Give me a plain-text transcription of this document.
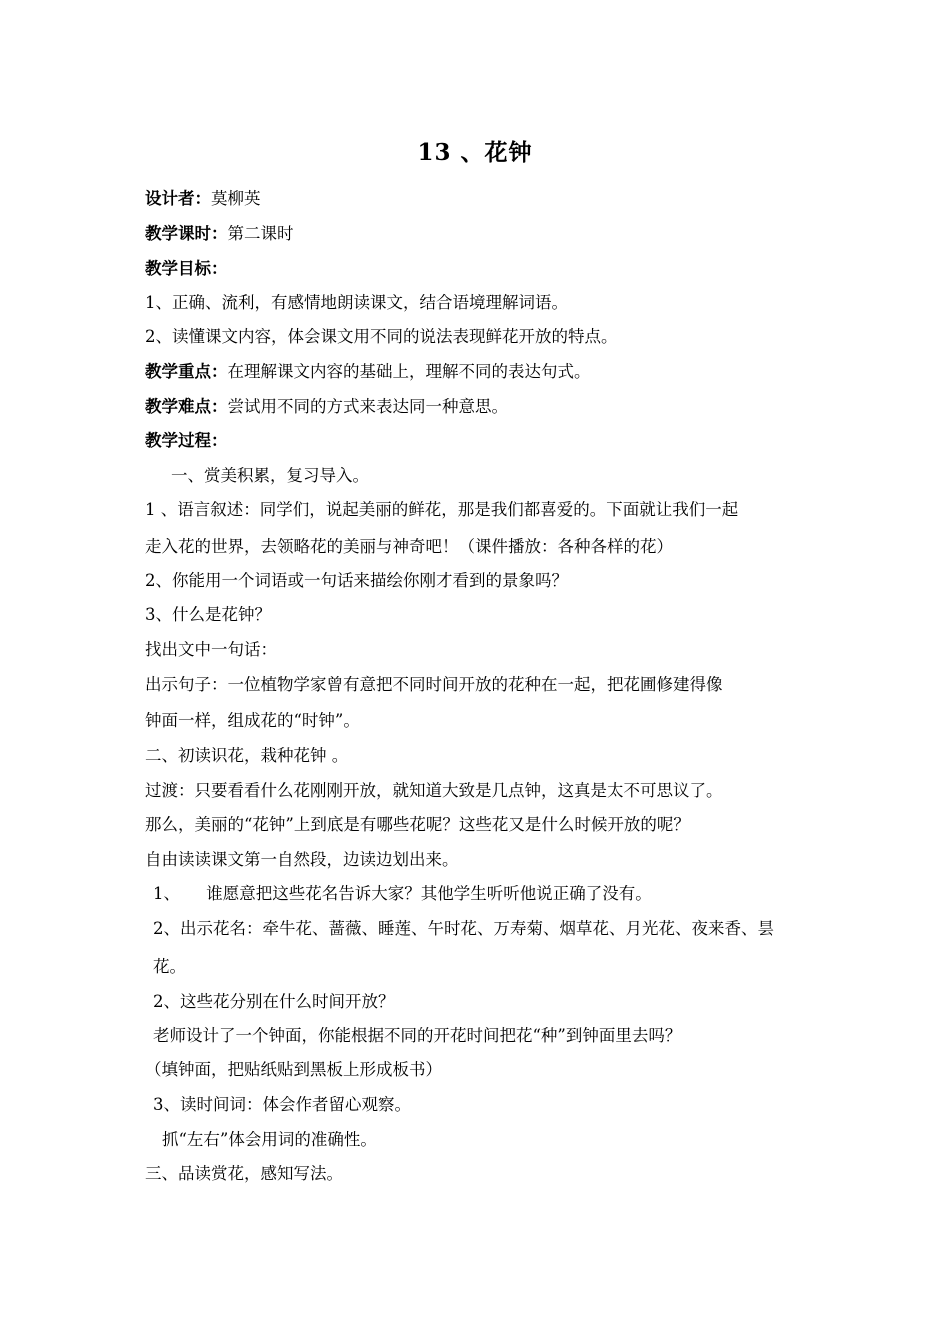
13 、花钟
设计者：莫柳英
教学课时：第二课时
教学目标：
1、正确、流利，有感情地朗读课文，结合语境理解词语。
2、读懂课文内容，体会课文用不同的说法表现鲜花开放的特点。
教学重点：在理解课文内容的基础上，理解不同的表达句式。
教学难点：尝试用不同的方式来表达同一种意思。
教学过程：
一、赏美积累，复习导入。
1 、语言叙述：同学们，说起美丽的鲜花，那是我们都喜爱的。下面就让我们一起
走入花的世界，去领略花的美丽与神奇吧！（课件播放：各种各样的花）
2、你能用一个词语或一句话来描绘你刚才看到的景象吗？
3、什么是花钟？
找出文中一句话：
出示句子：一位植物学家曾有意把不同时间开放的花种在一起，把花圃修建得像
钟面一样，组成花的“时钟”。
二、初读识花，栽种花钟 。
过渡：只要看看什么花刚刚开放，就知道大致是几点钟，这真是太不可思议了。
那么，美丽的“花钟”上到底是有哪些花呢？这些花又是什么时候开放的呢？
自由读读课文第一自然段，边读边划出来。
1、     谁愿意把这些花名告诉大家？其他学生听听他说正确了没有。
2、出示花名：牵牛花、蔷薇、睡莲、午时花、万寿菊、烟草花、月光花、夜来香、昙
花。
2、这些花分别在什么时间开放？
老师设计了一个钟面，你能根据不同的开花时间把花“种”到钟面里去吗？
（填钟面，把贴纸贴到黑板上形成板书）
3、读时间词：体会作者留心观察。
抓“左右”体会用词的准确性。
三、品读赏花，感知写法。
